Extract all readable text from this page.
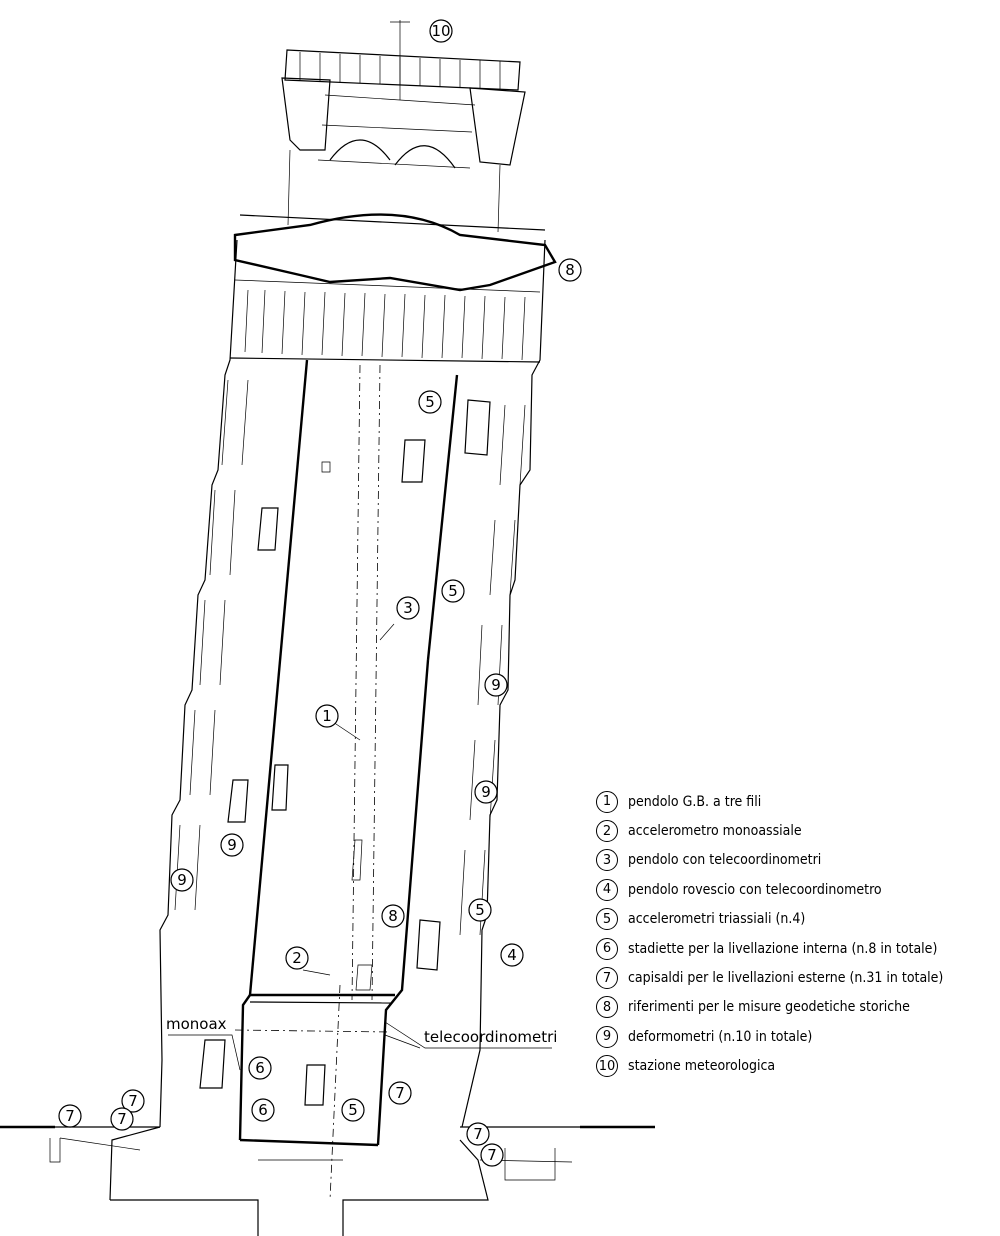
10
8
5
5
3
9
1
9
9
9
5
8
4
2
6
6	5
7
7
7	7
7
7
monoax
telecoordinometri
1	pendolo G.B. a tre fili
2	accelerometro monoassiale
3	pendolo con telecoordinometri
4	pendolo rovescio con telecoordinometro
5	accelerometri triassiali (n.4)
6	stadiette per la livellazione interna (n.8 in totale)
7	capisaldi per le livellazioni esterne (n.31 in totale)
8	riferimenti per le misure geodetiche storiche
9	deformometri (n.10 in totale)
10 stazione meteorologica
